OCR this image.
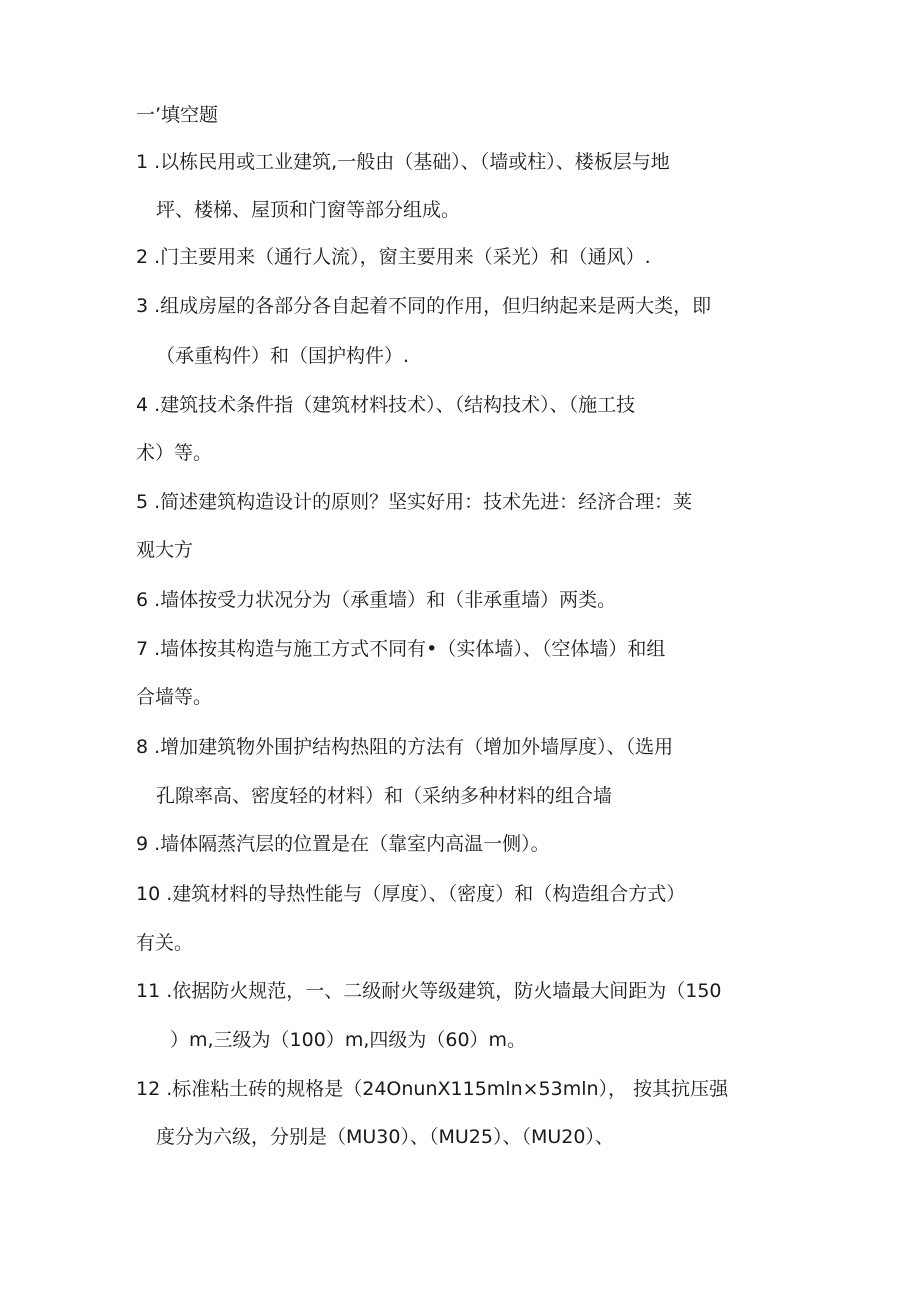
一’填空题
1 .以栋民用或工业建筑,一般由（基础）、（墙或柱）、楼板层与地
坪、楼梯、屋顶和门窗等部分组成。
2 .门主要用来（通行人流），窗主要用来（采光）和（通风）.
3 .组成房屋的各部分各自起着不同的作用，但归纳起来是两大类，即
（承重构件）和（国护构件）.
4 .建筑技术条件指（建筑材料技术）、（结构技术）、（施工技
术）等。
5 .简述建筑构造设计的原则？坚实好用：技术先进：经济合理：荚
观大方
6 .墙体按受力状况分为（承重墙）和（非承重墙）两类。
7 .墙体按其构造与施工方式不同有•（实体墙）、（空体墙）和组
合墙等。
8 .增加建筑物外围护结构热阻的方法有（增加外墙厚度）、（选用
孔隙率高、密度轻的材料）和（采纳多种材料的组合墙
9 .墙体隔蒸汽层的位置是在（靠室内高温一侧）。
10 .建筑材料的导热性能与（厚度）、（密度）和（构造组合方式）
有关。
11 .依据防火规范，一、二级耐火等级建筑，防火墙最大间距为（150
）m,三级为（100）m,四级为（60）m。
12 .标准粘土砖的规格是（24OnunX115mln×53mln）， 按其抗压强
度分为六级，分别是（MU30）、（MU25）、（MU20）、
